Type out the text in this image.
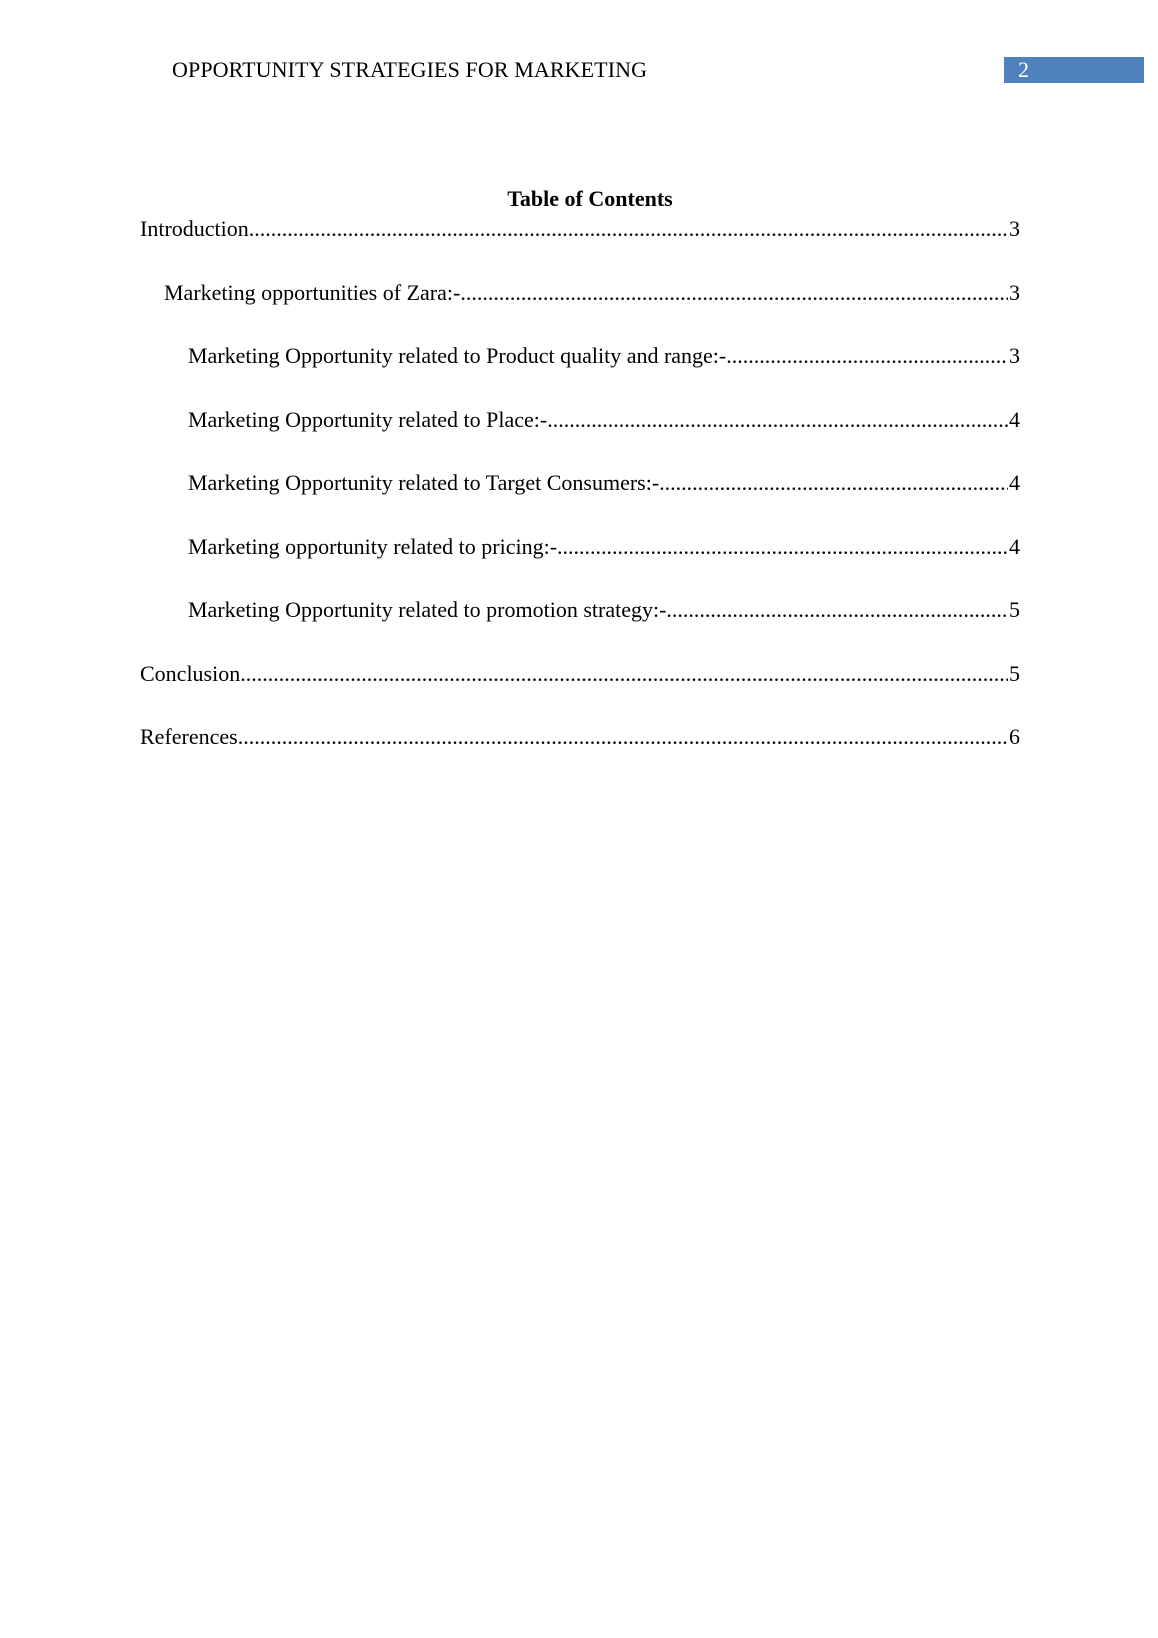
OPPORTUNITY STRATEGIES FOR MARKETING	2
Table of Contents
Introduction .....	3
Marketing opportunities of Zara:- .....	3
Marketing Opportunity related to Product quality and range:- .....	3
Marketing Opportunity related to Place:- .....	4
Marketing Opportunity related to Target Consumers:- .....	4
Marketing opportunity related to pricing:- .....	4
Marketing Opportunity related to promotion strategy:- .....	5
Conclusion .....	5
References .....	6
